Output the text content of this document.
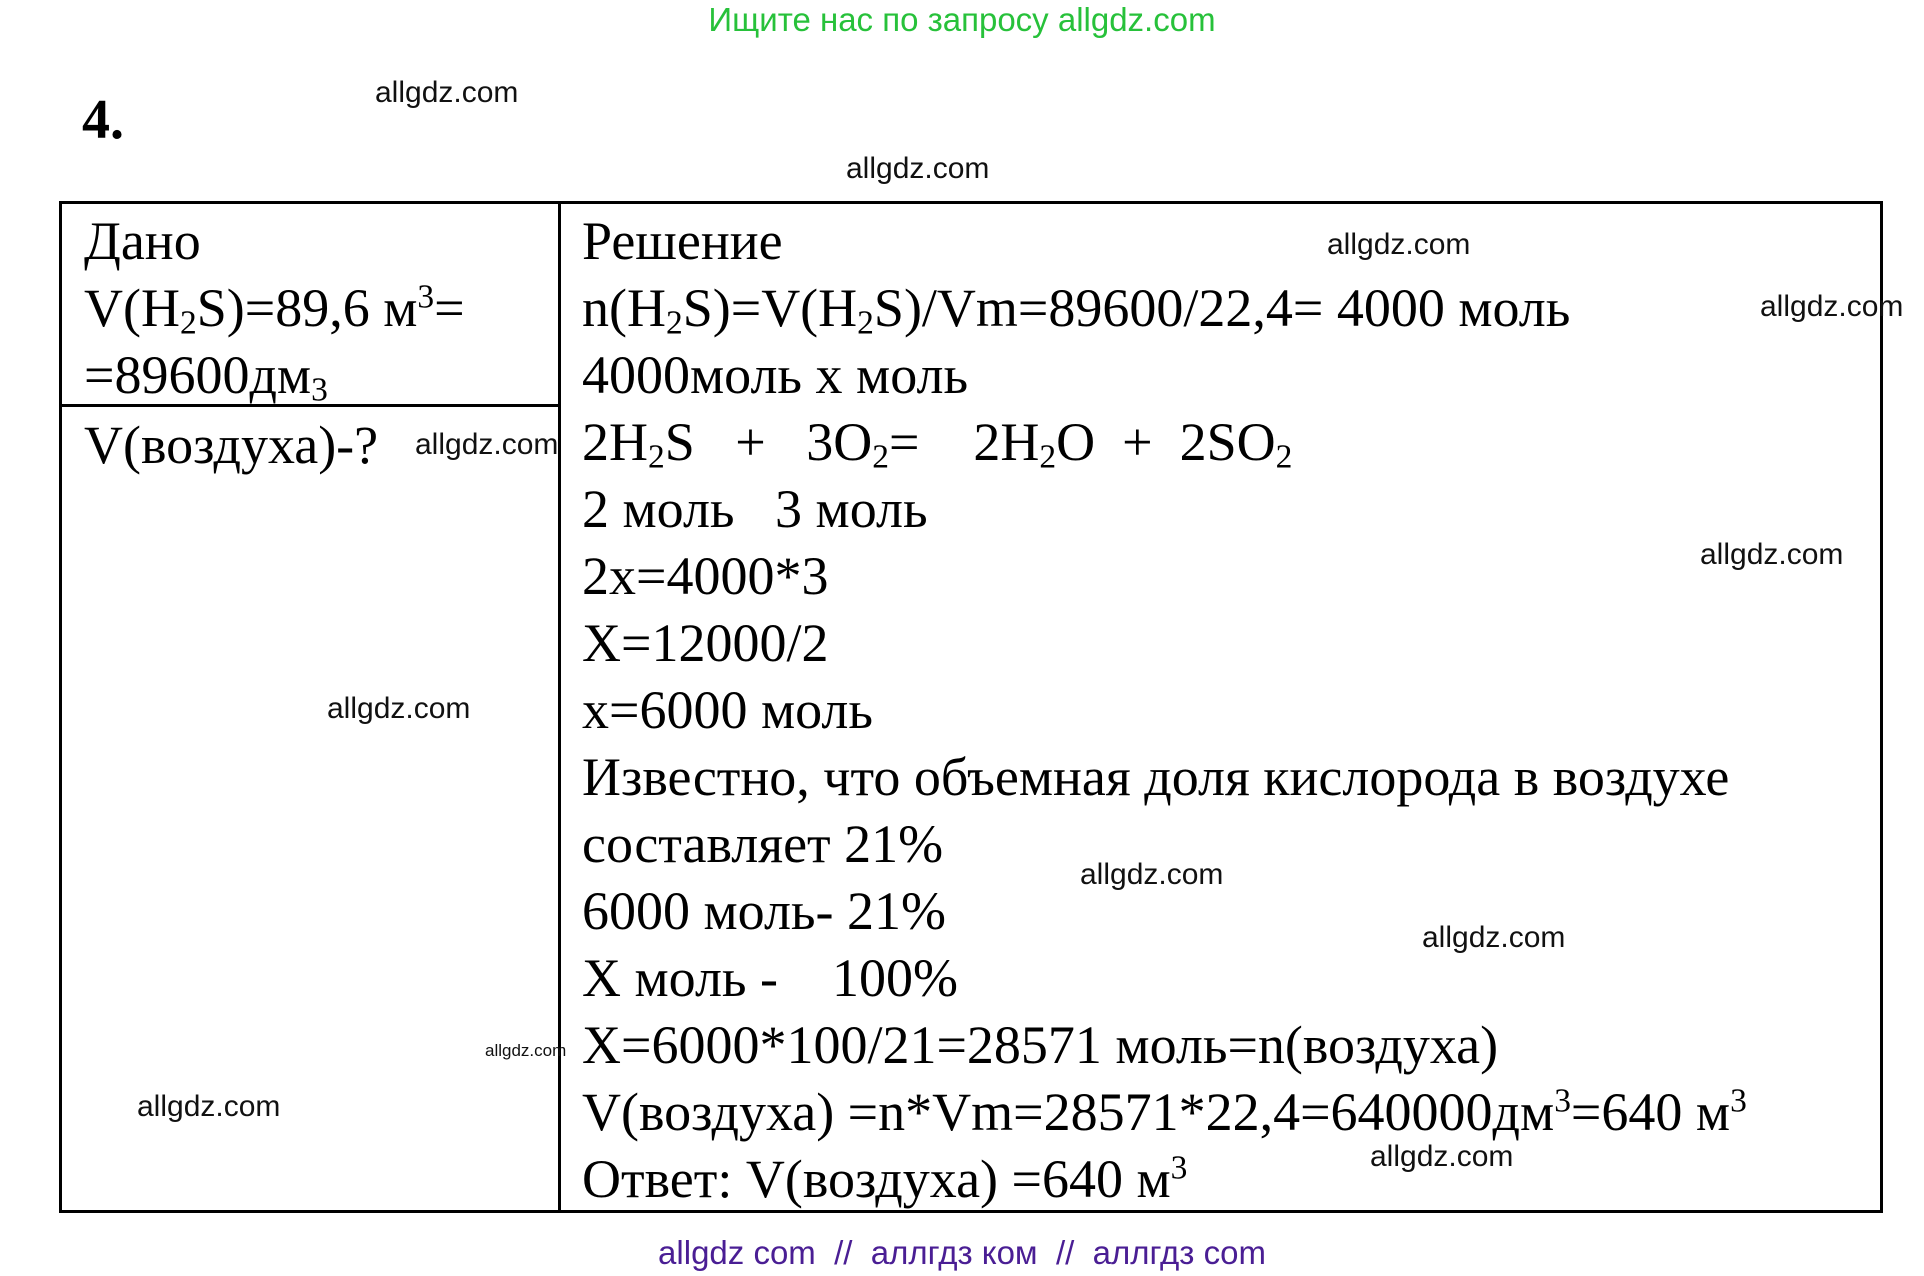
Ищите нас по запросу allgdz.com
4.	allgdz.com
allgdz.com
Дано
$V(H_2S)=89,6$ $м^3=$
$=89600дм_3$
V(воздуха)-?
Решение
$n(H_2S)=V(H_2S)/Vm=89600/22,4= 4000$ моль
4000моль x моль
$2H_2S + 3O_2=$    $2H_2O + 2SO_2$
2 моль   3 моль
2x=4000*3
X=12000/2
x=6000 моль
Известно, что объемная доля кислорода в воздухе
составляет 21%
6000 моль- 21%
X моль -    100%
X=6000*100/21=28571 моль=n(воздуха)
V(воздуха) $=n*Vm=28571*22,4=640000дм^3=640$ $м^3$
Ответ: V(воздуха) =640 $м^3$
allgdz.com
allgdz.com
allgdz.com
allgdz.com
allgdz.com
allgdz.com
allgdz.com
allgdz.com
allgdz.com
allgdz.com
allgdz com  //  аллгдз ком  //  аллгдз com
